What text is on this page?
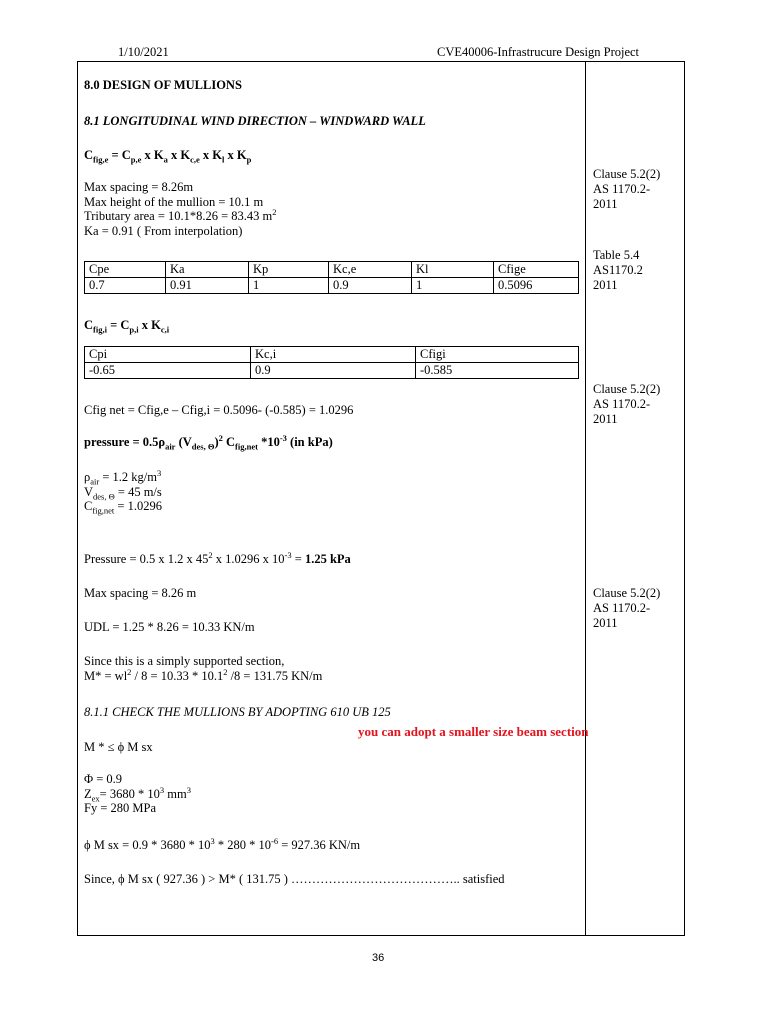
1/10/2021	CVE40006-Infrastrucure Design Project
8.0 DESIGN OF MULLIONS
8.1 LONGITUDINAL WIND DIRECTION – WINDWARD WALL
$C_{fig,e} = C_{p,e}$ x $K_a$ x $K_{c,e}$ x $K_l$ x $K_p$
Max spacing = 8.26m
Max height of the mullion = 10.1 m
Tributary area = 10.1*8.26 = 83.43 $m^2$
Ka = 0.91 ( From interpolation)
Cpe	Ka	Kp	Kc,e	Kl	Cfige
0.7	0.91	1	0.9	1	0.5096
$C_{fig,i} = C_{p,i}$ x $K_{c,i}$
Cpi	Kc,i	Cfigi
-0.65	0.9	-0.585
Cfig net = Cfig,e – Cfig,i = 0.5096- (-0.585) = 1.0296
pressure = $0.5\rho_{air}$ $(V_{des, \Theta})^2$ $C_{fig,net}$ $*10^{-3}$ (in kPa)
$\rho_{air} = 1.2$ $kg/m^3$
$V_{des, \Theta} = 45$ m/s
$C_{fig,net} = 1.0296$
Pressure = 0.5 x 1.2 x $45^2$ x 1.0296 x $10^{-3} = 1.25$ kPa
Max spacing = 8.26 m
UDL = 1.25 * 8.26 = 10.33 KN/m
Since this is a simply supported section,
$M* = wl^2 / 8 = 10.33 * 10.1^2$ /8 = 131.75 KN/m
8.1.1 CHECK THE MULLIONS BY ADOPTING 610 UB 125
you can adopt a smaller size beam section
M * ≤ ϕ M sx
Φ = 0.9
$Z_{ex}= 3680 * 10^3$ $mm^3$
Fy = 280 MPa
ϕ M sx = $0.9 * 3680 * 10^3 * 280 * 10^{-6} = 927.36$ KN/m
Since, ϕ M sx ( 927.36 ) > M* ( 131.75 ) ………………………………….. satisfied
Clause 5.2(2)
AS 1170.2-
2011
Table 5.4
AS1170.2
2011
Clause 5.2(2)
AS 1170.2-
2011
Clause 5.2(2)
AS 1170.2-
2011
36
